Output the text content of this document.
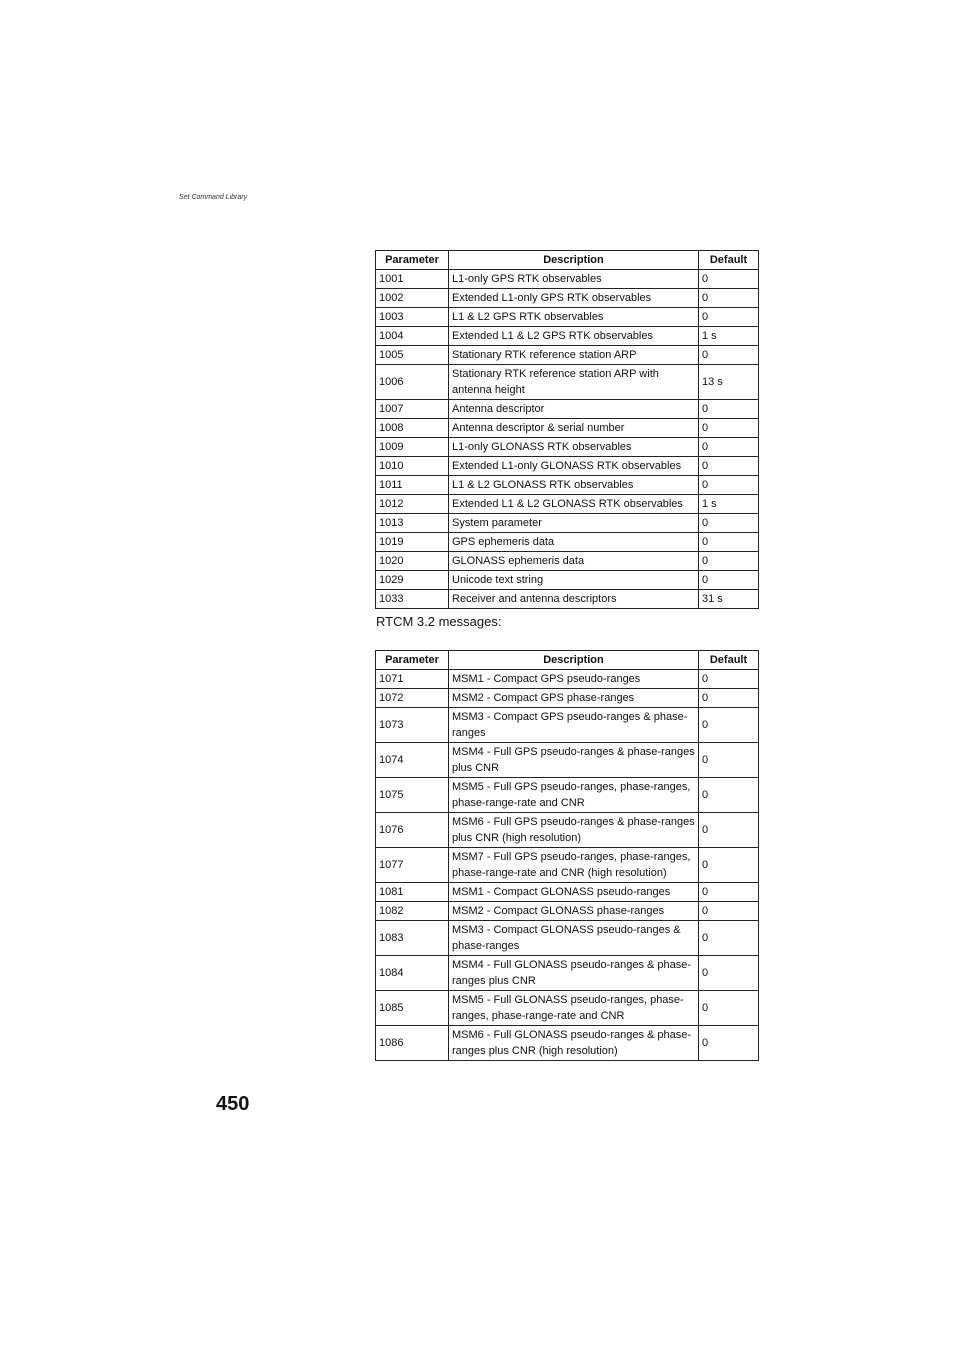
Set Command Library
Parameter	Description	Default
1001	L1-only GPS RTK observables	0
1002	Extended L1-only GPS RTK observables	0
1003	L1 & L2 GPS RTK observables	0
1004	Extended L1 & L2 GPS RTK observables	1 s
1005	Stationary RTK reference station ARP	0
1006	Stationary RTK reference station ARP with antenna height	13 s
1007	Antenna descriptor	0
1008	Antenna descriptor & serial number	0
1009	L1-only GLONASS RTK observables	0
1010	Extended L1-only GLONASS RTK observables	0
1011	L1 & L2 GLONASS RTK observables	0
1012	Extended L1 & L2 GLONASS RTK observables	1 s
1013	System parameter	0
1019	GPS ephemeris data	0
1020	GLONASS ephemeris data	0
1029	Unicode text string	0
1033	Receiver and antenna descriptors	31 s
RTCM 3.2 messages:
Parameter	Description	Default
1071	MSM1 - Compact GPS pseudo-ranges	0
1072	MSM2 - Compact GPS phase-ranges	0
1073	MSM3 - Compact GPS pseudo-ranges & phase-ranges	0
1074	MSM4 - Full GPS pseudo-ranges & phase-ranges plus CNR	0
1075	MSM5 - Full GPS pseudo-ranges, phase-ranges, phase-range-rate and CNR	0
1076	MSM6 - Full GPS pseudo-ranges & phase-ranges plus CNR (high resolution)	0
1077	MSM7 - Full GPS pseudo-ranges, phase-ranges, phase-range-rate and CNR (high resolution)	0
1081	MSM1 - Compact GLONASS pseudo-ranges	0
1082	MSM2 - Compact GLONASS phase-ranges	0
1083	MSM3 - Compact GLONASS pseudo-ranges & phase-ranges	0
1084	MSM4 - Full GLONASS pseudo-ranges & phase-ranges plus CNR	0
1085	MSM5 - Full GLONASS pseudo-ranges, phase-ranges, phase-range-rate and CNR	0
1086	MSM6 - Full GLONASS pseudo-ranges & phase-ranges plus CNR (high resolution)	0
450
